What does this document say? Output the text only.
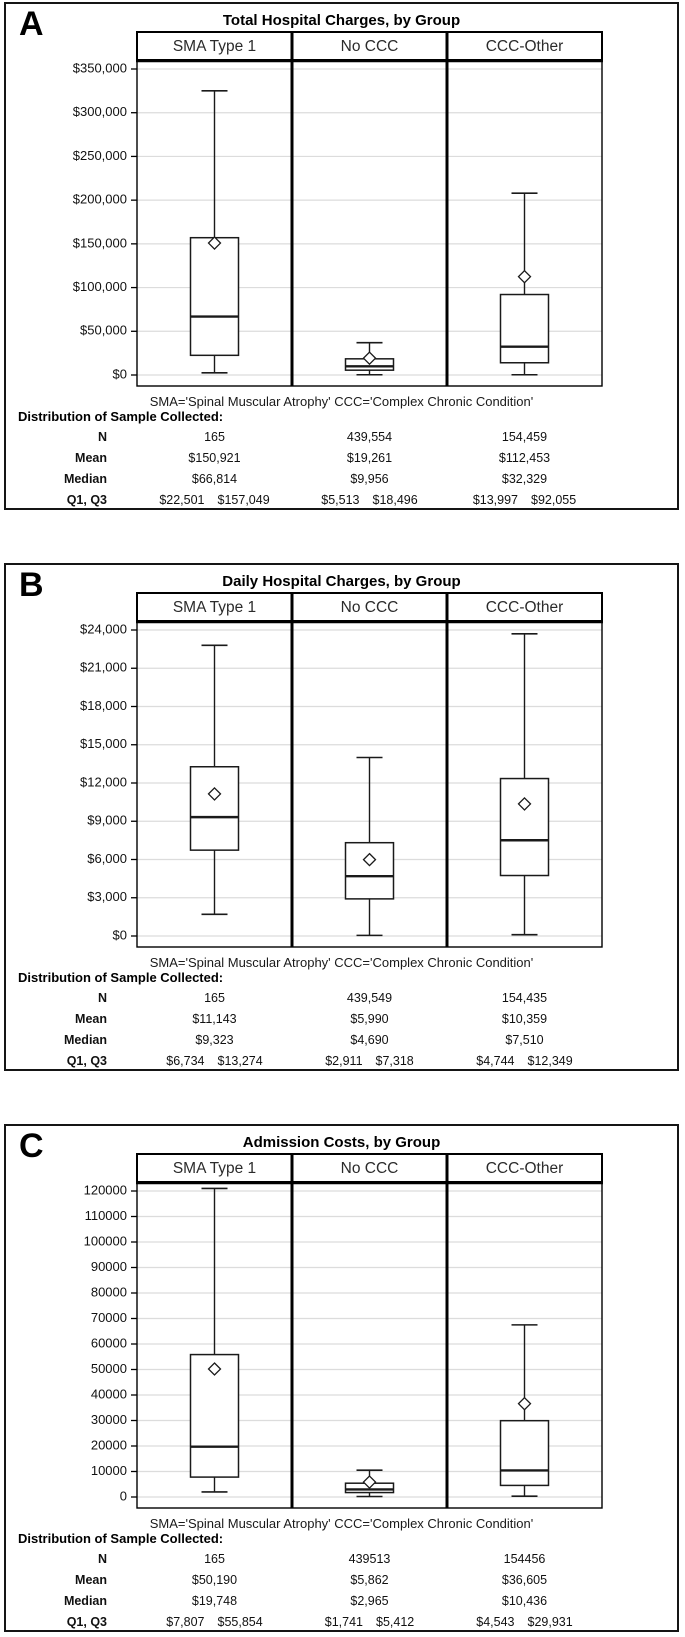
A	Total Hospital Charges, by Group
$0
$50,000
$100,000
$150,000
$200,000
$250,000
$300,000
$350,000
SMA Type 1	No CCC	CCC-Other
SMA='Spinal Muscular Atrophy' CCC='Complex Chronic Condition'
Distribution of Sample Collected:
N	165	439,554	154,459
Mean	$150,921	$19,261	$112,453
Median	$66,814	$9,956	$32,329
Q1, Q3	$22,501 $157,049	$5,513 $18,496	$13,997 $92,055
B	Daily Hospital Charges, by Group
$0
$3,000
$6,000
$9,000
$12,000
$15,000
$18,000
$21,000
$24,000
SMA Type 1	No CCC	CCC-Other
SMA='Spinal Muscular Atrophy' CCC='Complex Chronic Condition'
Distribution of Sample Collected:
N	165	439,549	154,435
Mean	$11,143	$5,990	$10,359
Median	$9,323	$4,690	$7,510
Q1, Q3	$6,734 $13,274	$2,911 $7,318	$4,744 $12,349
C	Admission Costs, by Group
0
10000
20000
30000
40000
50000
60000
70000
80000
90000
100000
110000
120000
SMA Type 1	No CCC	CCC-Other
SMA='Spinal Muscular Atrophy' CCC='Complex Chronic Condition'
Distribution of Sample Collected:
N	165	439513	154456
Mean	$50,190	$5,862	$36,605
Median	$19,748	$2,965	$10,436
Q1, Q3	$7,807 $55,854	$1,741 $5,412	$4,543 $29,931
